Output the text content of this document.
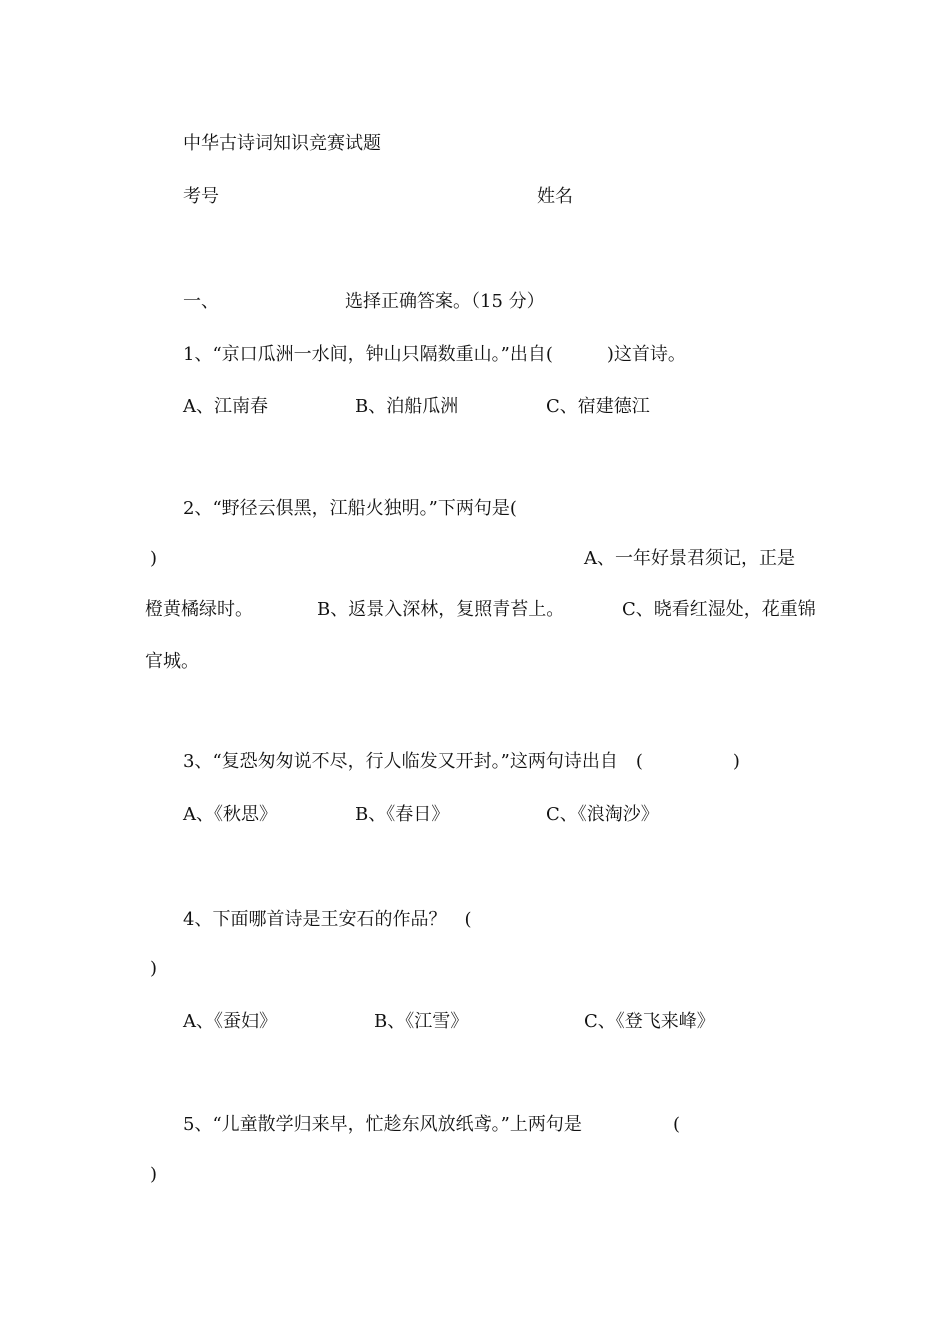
中华古诗词知识竞赛试题
考号	姓名
一、	选择正确答案。（15 分）
1、“京口瓜洲一水间，钟山只隔数重山。”出自(　　　)这首诗。
A、江南春	B、泊船瓜洲	C、宿建德江
2、“野径云俱黑，江船火独明。”下两句是(
)	A、一年好景君须记，正是
橙黄橘绿时。	B、返景入深林，复照青苔上。	C、晓看红湿处，花重锦
官城。
3、“复恐匆匆说不尽，行人临发又开封。”这两句诗出自　(　　　　　)
A、《秋思》	B、《春日》	C、《浪淘沙》
4、下面哪首诗是王安石的作品？　(
)
A、《蚕妇》	B、《江雪》	C、《登飞来峰》
5、“儿童散学归来早，忙趁东风放纸鸢。”上两句是	(
)
